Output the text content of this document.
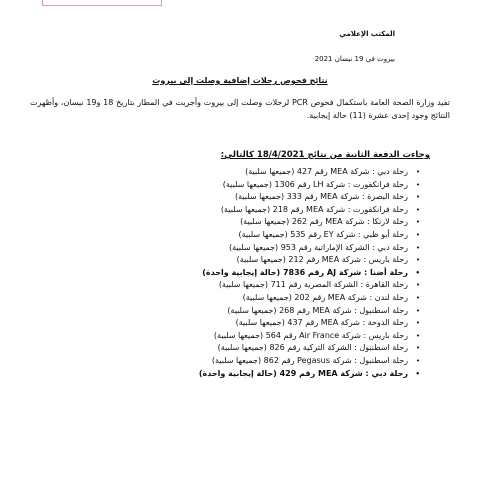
المكتب الإعلامي
بيروت في 19 نيسان 2021
نتائج فحوص رحلات إضافية وصلت إلى بيروت
تفيد وزارة الصحة العامة باستكمال فحوص PCR لرحلات وصلت إلى بيروت وأجريت في المطار بتاريخ 18 و19 نيسان، وأظهرت النتائج وجود إحدى عشرة (11) حالة إيجابية.
وجاءت الدفعة الثانية من نتائج 18/4/2021 كالتالي:
•
رحلة دبي : شركة MEA رقم 427 (جميعها سلبية)
•
رحلة فرانكفورت : شركة LH رقم 1306 (جميعها سلبية)
•
رحلة البصرة : شركة MEA رقم 333 (جميعها سلبية)
•
رحلة فرانكفورت : شركة MEA رقم 218 (جميعها سلبية)
•
رحلة لارنكا : شركة MEA رقم 262 (جميعها سلبية)
•
رحلة أبو ظبي : شركة EY رقم 535 (جميعها سلبية)
•
رحلة دبي : الشركة الإماراتية رقم 953 (جميعها سلبية)
•
رحلة باريس : شركة MEA رقم 212 (جميعها سلبية)
•
رحلة أضنا : شركة AJ رقم 7836 (حالة إيجابية واحدة)
•
رحلة القاهرة : الشركة المصرية رقم 711 (جميعها سلبية)
•
رحلة لندن : شركة MEA رقم 202 (جميعها سلبية)
•
رحلة اسطنبول : شركة MEA رقم 268 (جميعها سلبية)
•
رحلة الدوحة : شركة MEA رقم 437 (جميعها سلبية)
•
رحلة باريس : شركة Air France رقم 564 (جميعها سلبية)
•
رحلة اسطنبول : الشركة التركية رقم 826 (جميعها سلبية)
•
رحلة اسطنبول : شركة Pegasus رقم 862 (جميعها سلبية)
•
رحلة دبي : شركة MEA رقم 429 (حالة إيجابية واحدة)
